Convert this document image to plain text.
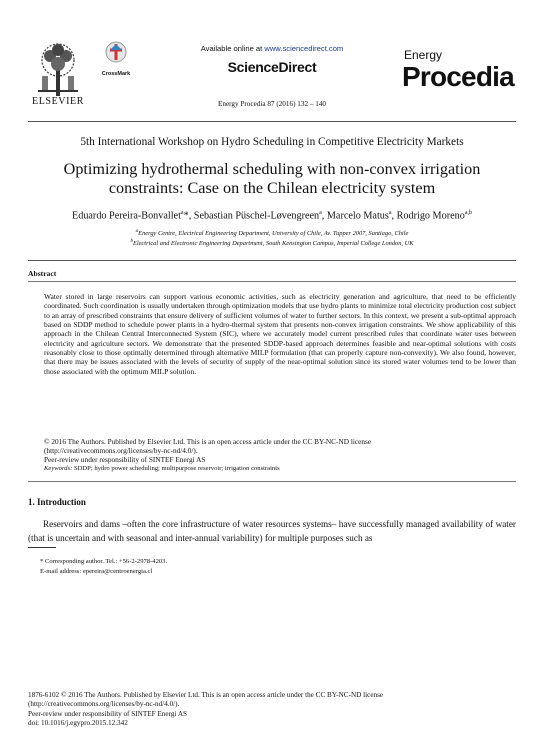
ELSEVIER
CrossMark
Available online at www.sciencedirect.com
ScienceDirect
Energy Procedia 87 (2016) 132 – 140
Energy
Procedia
5th International Workshop on Hydro Scheduling in Competitive Electricity Markets
Optimizing hydrothermal scheduling with non-convex irrigation constraints: Case on the Chilean electricity system
Eduardo Pereira-Bonvallet$^a$*, Sebastian Püschel-Løvengreen$^a$, Marcelo Matus$^a$, Rodrigo Moreno$^{a,b}$
$^a$Energy Centre, Electrical Engineering Department, University of Chile, Av. Tupper 2007, Santiago, Chile
$^b$Electrical and Electronic Engineering Department, South Kensington Campus, Imperial College London, UK
Abstract
Water stored in large reservoirs can support various economic activities, such as electricity generation and agriculture, that need to be efficiently coordinated. Such coordination is usually undertaken through optimization models that use hydro plants to minimize total electricity production cost subject to an array of prescribed constraints that ensure delivery of sufficient volumes of water to further sectors. In this context, we present a sub-optimal approach based on SDDP method to schedule power plants in a hydro-thermal system that presents non-convex irrigation constraints. We show applicability of this approach in the Chilean Central Interconnected System (SIC), where we accurately model current prescribed rules that coordinate water uses between electricity and agriculture sectors. We demonstrate that the presented SDDP-based approach determines feasible and near-optimal solutions with costs reasonably close to those optimally determined through alternative MILP formulation (that can properly capture non-convexity). We also found, however, that there may be issues associated with the levels of security of supply of the near-optimal solution since its stored water volumes tend to be lower than those associated with the optimum MILP solution.
© 2016 The Authors. Published by Elsevier Ltd. This is an open access article under the CC BY-NC-ND license
(http://creativecommons.org/licenses/by-nc-nd/4.0/).
Peer-review under responsibility of SINTEF Energi AS
Keywords: SDDP; hydro power scheduling; multipurpose reservoir; irrigation constraints
1. Introduction
Reservoirs and dams –often the core infrastructure of water resources systems– have successfully managed availability of water (that is uncertain and with seasonal and inter-annual variability) for multiple purposes such as
* Corresponding author. Tel.: +56-2-2978-4203.
E-mail address: epereira@centroenergia.cl
1876-6102 © 2016 The Authors. Published by Elsevier Ltd. This is an open access article under the CC BY-NC-ND license
(http://creativecommons.org/licenses/by-nc-nd/4.0/).
Peer-review under responsibility of SINTEF Energi AS
doi: 10.1016/j.egypro.2015.12.342
